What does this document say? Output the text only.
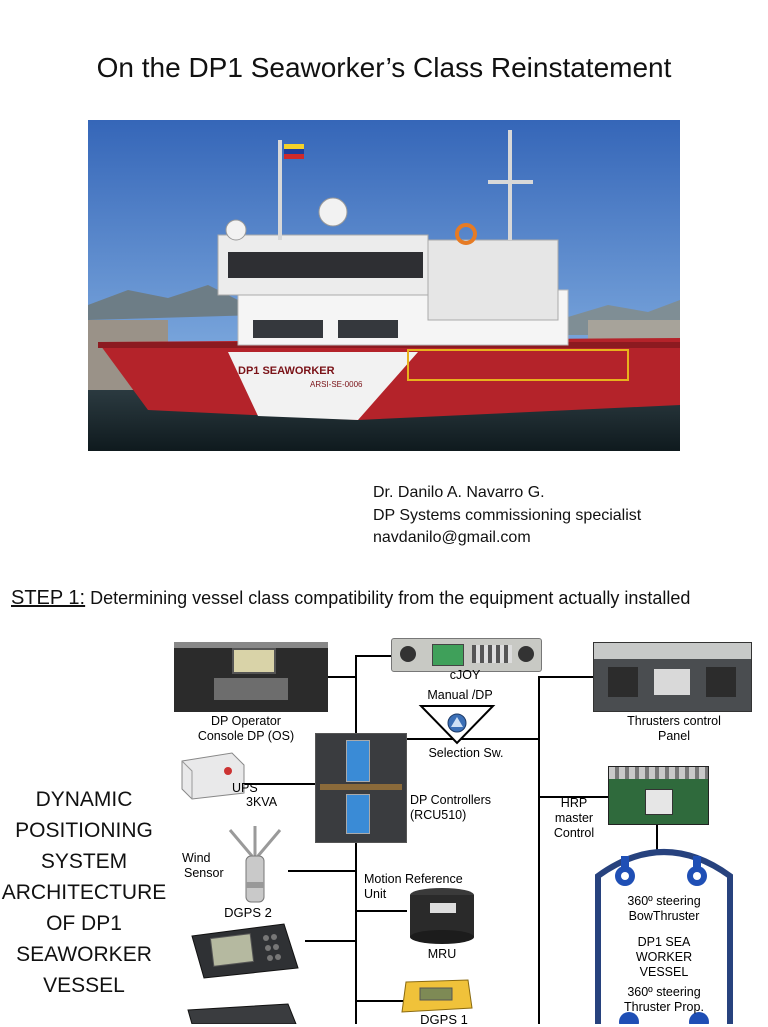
On the DP1 Seaworker’s Class Reinstatement
DP1 SEAWORKER
ARSI-SE-0006
Dr. Danilo A. Navarro G.
DP Systems commissioning specialist
navdanilo@gmail.com
STEP 1: Determining vessel class compatibility from the equipment actually installed
DYNAMIC
POSITIONING
SYSTEM
ARCHITECTURE
OF DP1
SEAWORKER
VESSEL
cJOY
Manual /DP
Selection Sw.
DP Operator
Console DP (OS)
UPS
3KVA	DP Controllers
(RCU510)
Wind
Sensor
DGPS 2
Motion Reference
Unit
MRU
DGPS 1
Thrusters control
Panel
HRP
master
Control
360º steering
BowThruster
DP1 SEA
WORKER
VESSEL
360º steering
Thruster Prop.
